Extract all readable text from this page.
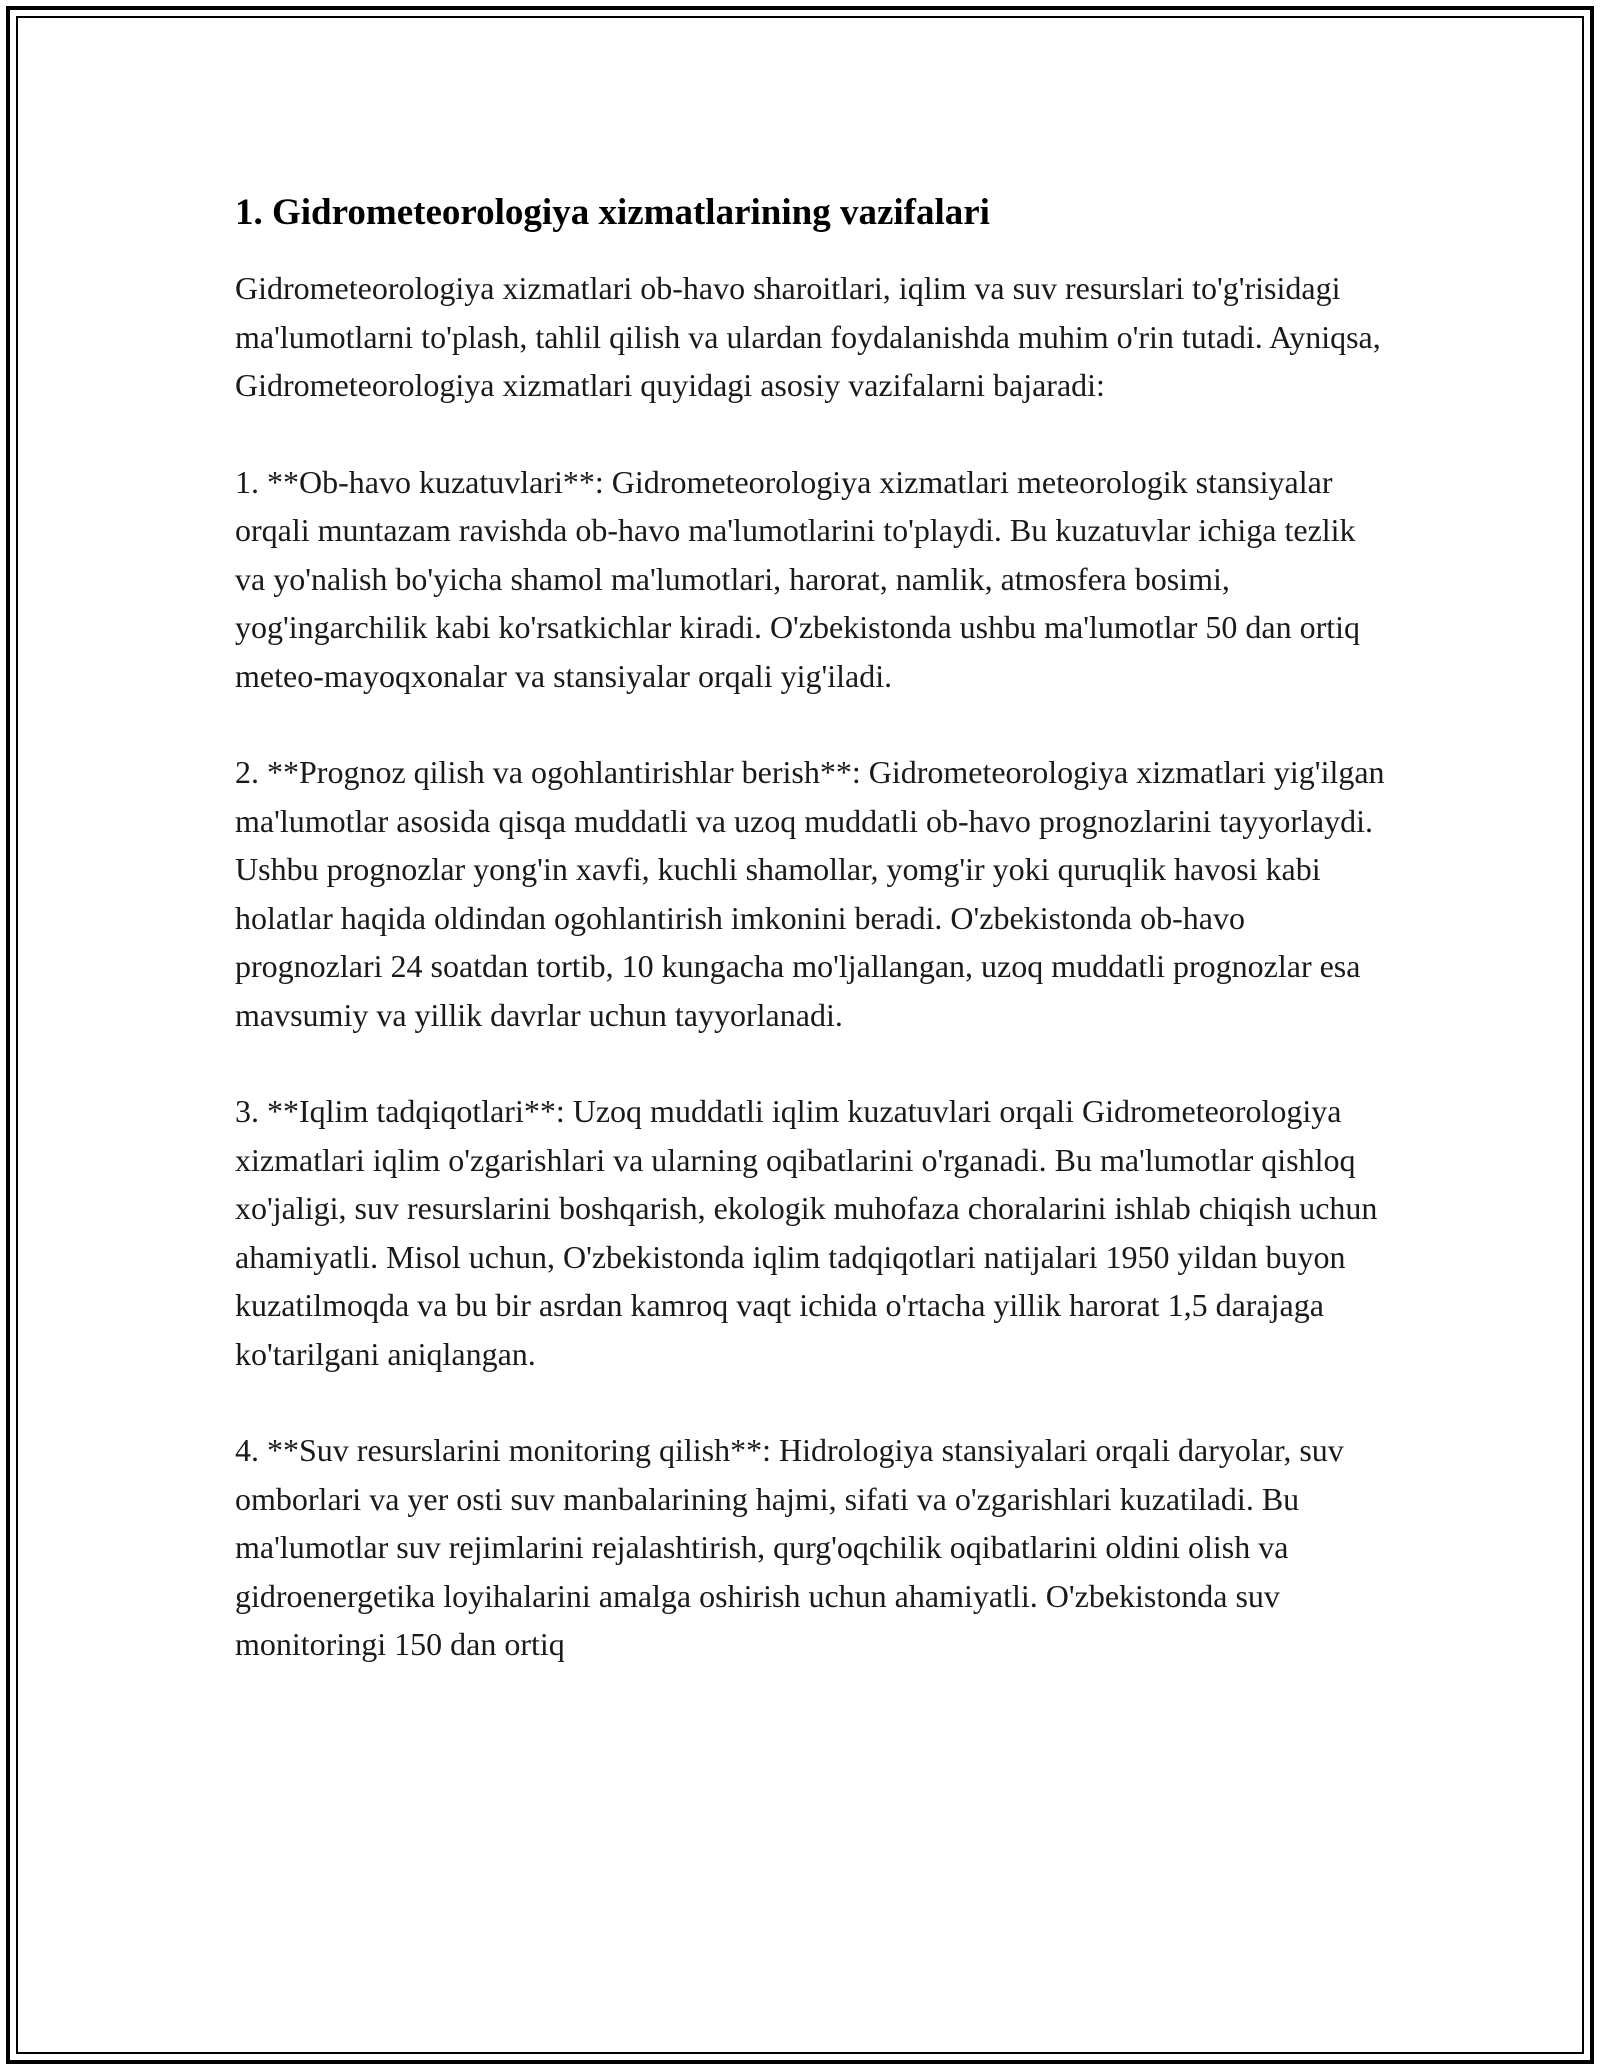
1. Gidrometeorologiya xizmatlarining vazifalari

Gidrometeorologiya xizmatlari ob-havo sharoitlari, iqlim va suv resurslari to'g'risidagi ma'lumotlarni to'plash, tahlil qilish va ulardan foydalanishda muhim o'rin tutadi. Ayniqsa, Gidrometeorologiya xizmatlari quyidagi asosiy vazifalarni bajaradi:

1. **Ob-havo kuzatuvlari**: Gidrometeorologiya xizmatlari meteorologik stansiyalar orqali muntazam ravishda ob-havo ma'lumotlarini to'playdi. Bu kuzatuvlar ichiga tezlik va yo'nalish bo'yicha shamol ma'lumotlari, harorat, namlik, atmosfera bosimi, yog'ingarchilik kabi ko'rsatkichlar kiradi. O'zbekistonda ushbu ma'lumotlar 50 dan ortiq meteo-mayoqxonalar va stansiyalar orqali yig'iladi.

2. **Prognoz qilish va ogohlantirishlar berish**: Gidrometeorologiya xizmatlari yig'ilgan ma'lumotlar asosida qisqa muddatli va uzoq muddatli ob-havo prognozlarini tayyorlaydi. Ushbu prognozlar yong'in xavfi, kuchli shamollar, yomg'ir yoki quruqlik havosi kabi holatlar haqida oldindan ogohlantirish imkonini beradi. O'zbekistonda ob-havo prognozlari 24 soatdan tortib, 10 kungacha mo'ljallangan, uzoq muddatli prognozlar esa mavsumiy va yillik davrlar uchun tayyorlanadi.

3. **Iqlim tadqiqotlari**: Uzoq muddatli iqlim kuzatuvlari orqali Gidrometeorologiya xizmatlari iqlim o'zgarishlari va ularning oqibatlarini o'rganadi. Bu ma'lumotlar qishloq xo'jaligi, suv resurslarini boshqarish, ekologik muhofaza choralarini ishlab chiqish uchun ahamiyatli. Misol uchun, O'zbekistonda iqlim tadqiqotlari natijalari 1950 yildan buyon kuzatilmoqda va bu bir asrdan kamroq vaqt ichida o'rtacha yillik harorat 1,5 darajaga ko'tarilgani aniqlangan.

4. **Suv resurslarini monitoring qilish**: Hidrologiya stansiyalari orqali daryolar, suv omborlari va yer osti suv manbalarining hajmi, sifati va o'zgarishlari kuzatiladi. Bu ma'lumotlar suv rejimlarini rejalashtirish, qurg'oqchilik oqibatlarini oldini olish va gidroenergetika loyihalarini amalga oshirish uchun ahamiyatli. O'zbekistonda suv monitoringi 150 dan ortiq
